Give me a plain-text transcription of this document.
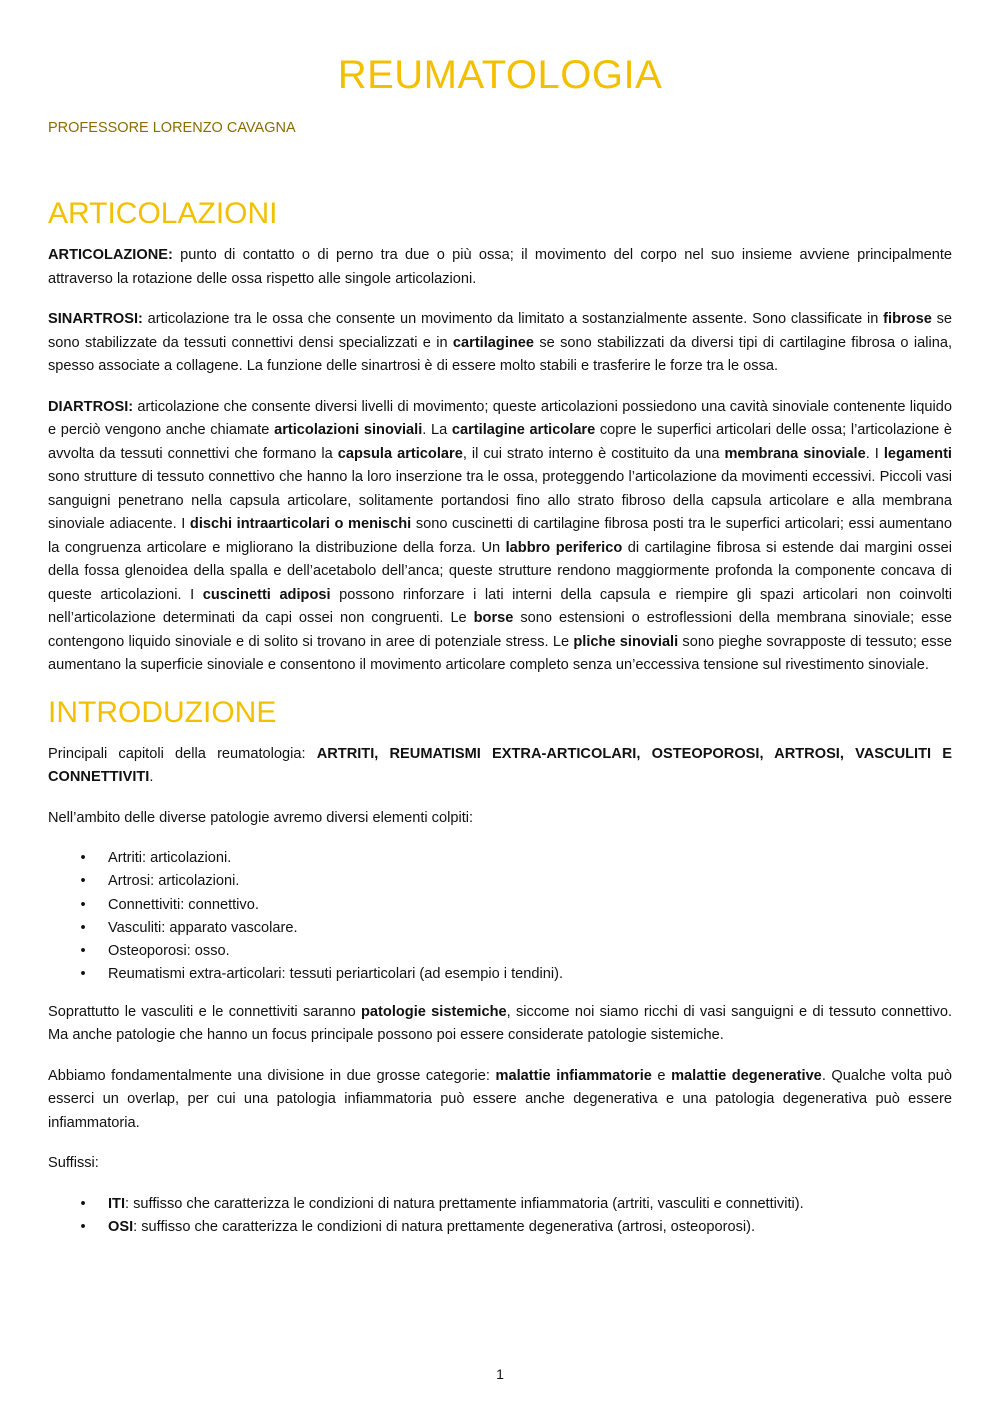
REUMATOLOGIA
PROFESSORE LORENZO CAVAGNA
ARTICOLAZIONI

ARTICOLAZIONE: punto di contatto o di perno tra due o più ossa; il movimento del corpo nel suo insieme avviene principalmente attraverso la rotazione delle ossa rispetto alle singole articolazioni.

SINARTROSI: articolazione tra le ossa che consente un movimento da limitato a sostanzialmente assente. Sono classificate in fibrose se sono stabilizzate da tessuti connettivi densi specializzati e in cartilaginee se sono stabilizzati da diversi tipi di cartilagine fibrosa o ialina, spesso associate a collagene. La funzione delle sinartrosi è di essere molto stabili e trasferire le forze tra le ossa.

DIARTROSI: articolazione che consente diversi livelli di movimento; queste articolazioni possiedono una cavità sinoviale contenente liquido e perciò vengono anche chiamate articolazioni sinoviali. La cartilagine articolare copre le superfici articolari delle ossa; l’articolazione è avvolta da tessuti connettivi che formano la capsula articolare, il cui strato interno è costituito da una membrana sinoviale. I legamenti sono strutture di tessuto connettivo che hanno la loro inserzione tra le ossa, proteggendo l’articolazione da movimenti eccessivi. Piccoli vasi sanguigni penetrano nella capsula articolare, solitamente portandosi fino allo strato fibroso della capsula articolare e alla membrana sinoviale adiacente. I dischi intraarticolari o menischi sono cuscinetti di cartilagine fibrosa posti tra le superfici articolari; essi aumentano la congruenza articolare e migliorano la distribuzione della forza. Un labbro periferico di cartilagine fibrosa si estende dai margini ossei della fossa glenoidea della spalla e dell’acetabolo dell’anca; queste strutture rendono maggiormente profonda la componente concava di queste articolazioni. I cuscinetti adiposi possono rinforzare i lati interni della capsula e riempire gli spazi articolari non coinvolti nell’articolazione determinati da capi ossei non congruenti. Le borse sono estensioni o estroflessioni della membrana sinoviale; esse contengono liquido sinoviale e di solito si trovano in aree di potenziale stress. Le pliche sinoviali sono pieghe sovrapposte di tessuto; esse aumentano la superficie sinoviale e consentono il movimento articolare completo senza un’eccessiva tensione sul rivestimento sinoviale.

INTRODUZIONE

Principali capitoli della reumatologia: ARTRITI, REUMATISMI EXTRA-ARTICOLARI, OSTEOPOROSI, ARTROSI, VASCULITI E CONNETTIVITI.

Nell’ambito delle diverse patologie avremo diversi elementi colpiti:

• Artriti: articolazioni.
• Artrosi: articolazioni.
• Connettiviti: connettivo.
• Vasculiti: apparato vascolare.
• Osteoporosi: osso.
• Reumatismi extra-articolari: tessuti periarticolari (ad esempio i tendini).

Soprattutto le vasculiti e le connettiviti saranno patologie sistemiche, siccome noi siamo ricchi di vasi sanguigni e di tessuto connettivo. Ma anche patologie che hanno un focus principale possono poi essere considerate patologie sistemiche.

Abbiamo fondamentalmente una divisione in due grosse categorie: malattie infiammatorie e malattie degenerative. Qualche volta può esserci un overlap, per cui una patologia infiammatoria può essere anche degenerativa e una patologia degenerativa può essere infiammatoria.

Suffissi:

• ITI: suffisso che caratterizza le condizioni di natura prettamente infiammatoria (artriti, vasculiti e connettiviti).
• OSI: suffisso che caratterizza le condizioni di natura prettamente degenerativa (artrosi, osteoporosi).
1
